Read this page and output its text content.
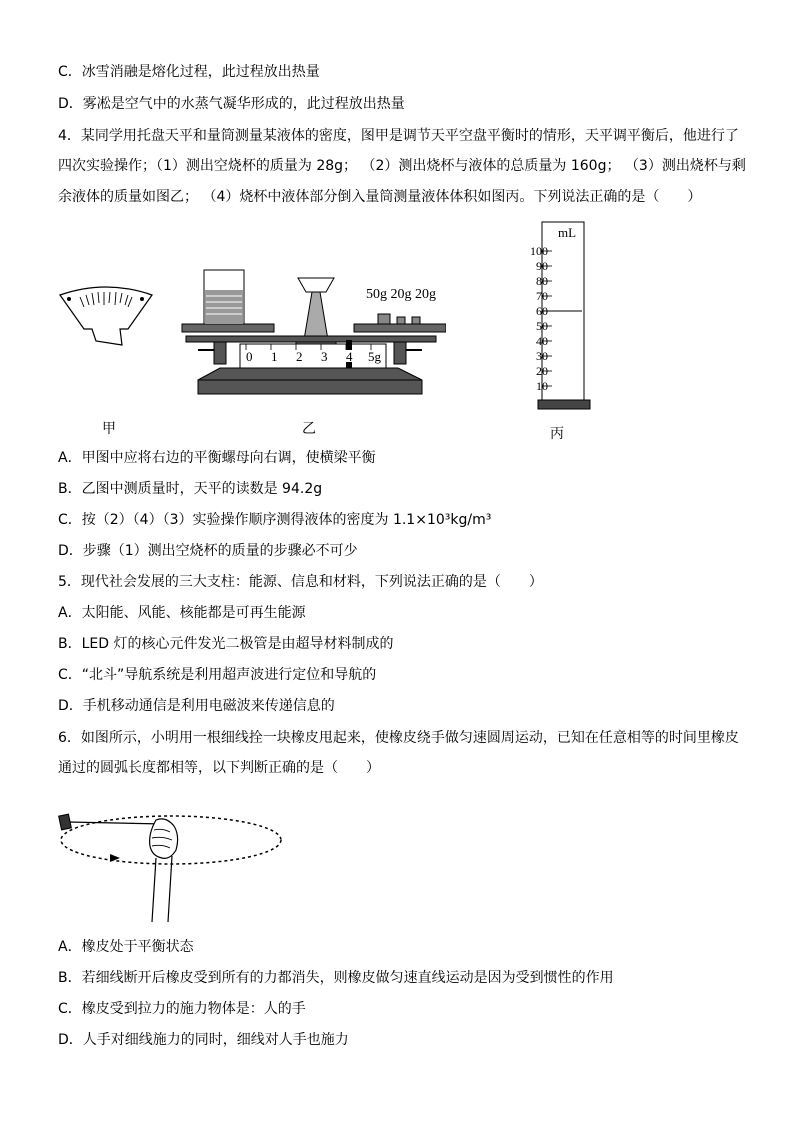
C．冰雪消融是熔化过程，此过程放出热量
D．雾凇是空气中的水蒸气凝华形成的，此过程放出热量
4．某同学用托盘天平和量筒测量某液体的密度，图甲是调节天平空盘平衡时的情形，天平调平衡后，他进行了
四次实验操作；（1）测出空烧杯的质量为 28g； （2）测出烧杯与液体的总质量为 160g； （3）测出烧杯与剩
余液体的质量如图乙； （4）烧杯中液体部分倒入量筒测量液体体积如图丙。下列说法正确的是（　　）
甲
50g 20g 20g
0 1 2 3 4 5g
乙
mL
100
90
80
70
60
50
40
30
20
10
丙
A．甲图中应将右边的平衡螺母向右调，使横梁平衡
B．乙图中测质量时，天平的读数是 94.2g
C．按（2）（4）（3）实验操作顺序测得液体的密度为 1.1×10³kg/m³
D．步骤（1）测出空烧杯的质量的步骤必不可少
5．现代社会发展的三大支柱：能源、信息和材料，下列说法正确的是（　　）
A．太阳能、风能、核能都是可再生能源
B．LED 灯的核心元件发光二极管是由超导材料制成的
C．“北斗”导航系统是利用超声波进行定位和导航的
D．手机移动通信是利用电磁波来传递信息的
6．如图所示，小明用一根细线拴一块橡皮甩起来，使橡皮绕手做匀速圆周运动，已知在任意相等的时间里橡皮
通过的圆弧长度都相等，以下判断正确的是（　　）
A．橡皮处于平衡状态
B．若细线断开后橡皮受到所有的力都消失，则橡皮做匀速直线运动是因为受到惯性的作用
C．橡皮受到拉力的施力物体是：人的手
D．人手对细线施力的同时，细线对人手也施力
